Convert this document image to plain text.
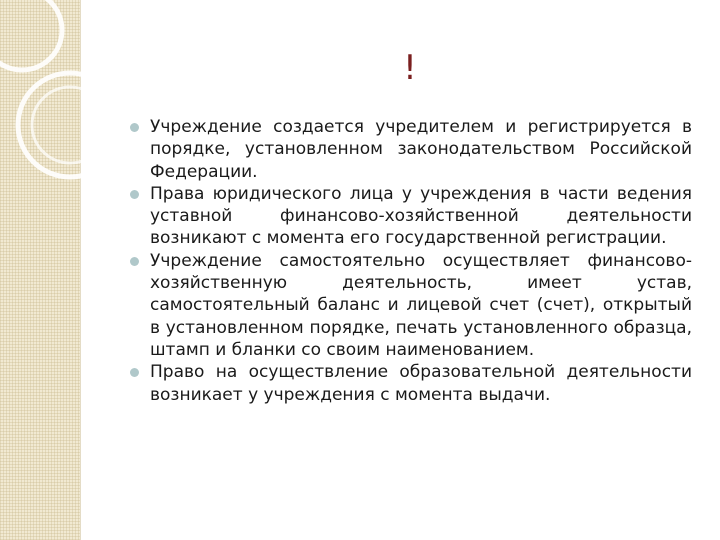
!
Учреждение создается учредителем и регистрируется в порядке, установленном законодательством Российской Федерации.
Права юридического лица у учреждения в части ведения уставной финансово-хозяйственной деятельности возникают с момента его государственной регистрации.
Учреждение самостоятельно осуществляет финансово-хозяйственную деятельность, имеет устав, самостоятельный баланс и лицевой счет (счет), открытый в установленном порядке, печать установленного образца, штамп и бланки со своим наименованием.
Право на осуществление образовательной деятельности возникает у учреждения с момента выдачи.
